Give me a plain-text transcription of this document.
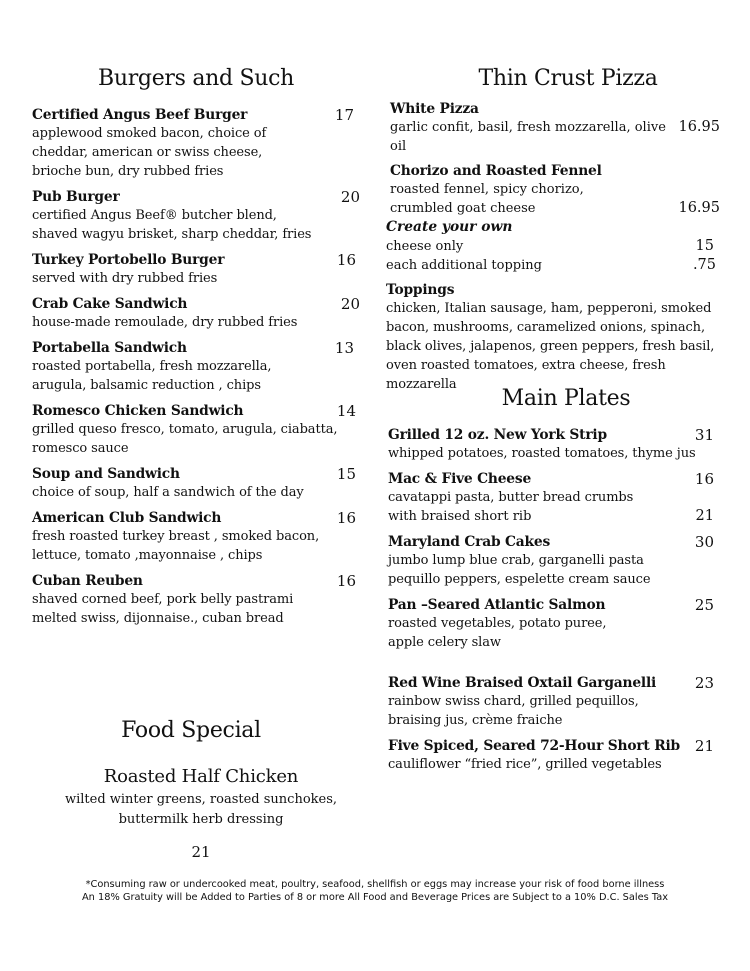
Burgers and Such
Certified Angus Beef Burger	17
applewood smoked bacon, choice of
cheddar, american or swiss cheese,
brioche bun, dry rubbed fries
Pub Burger	20
certified Angus Beef® butcher blend,
shaved wagyu brisket, sharp cheddar, fries
Turkey Portobello Burger	16
served with dry rubbed fries
Crab Cake Sandwich	20
house-made remoulade, dry rubbed fries
Portabella Sandwich	13
roasted portabella, fresh mozzarella,
arugula, balsamic reduction , chips
Romesco Chicken Sandwich	14
grilled queso fresco, tomato, arugula, ciabatta,
romesco sauce
Soup and Sandwich	15
choice of soup, half a sandwich of the day
American Club Sandwich	16
fresh roasted turkey breast , smoked bacon,
lettuce, tomato ,mayonnaise , chips
Cuban Reuben	16
shaved corned beef, pork belly pastrami
melted swiss, dijonnaise., cuban bread
Food Special
Roasted Half Chicken
wilted winter greens, roasted sunchokes,
buttermilk herb dressing
21
Thin Crust Pizza
White Pizza
garlic confit, basil, fresh mozzarella, olive oil
16.95
Chorizo and Roasted Fennel
roasted fennel, spicy chorizo,
crumbled goat cheese	16.95
Create your own
cheese only	15
each additional topping	.75
Toppings
chicken, Italian sausage, ham, pepperoni, smoked
bacon, mushrooms, caramelized onions, spinach,
black olives, jalapenos, green peppers, fresh basil,
oven roasted tomatoes, extra cheese, fresh mozzarella
Main Plates
Grilled 12 oz. New York Strip	31
whipped potatoes, roasted tomatoes, thyme jus
Mac & Five Cheese	16
cavatappi pasta, butter bread crumbs
with braised short rib	21
Maryland Crab Cakes	30
jumbo lump blue crab, garganelli pasta
pequillo peppers, espelette cream sauce
Pan –Seared Atlantic Salmon	25
roasted vegetables, potato puree,
apple celery slaw
Red Wine Braised Oxtail Garganelli	23
rainbow swiss chard, grilled pequillos,
braising jus, crème fraiche
Five Spiced, Seared 72-Hour Short Rib 21
cauliflower “fried rice”, grilled vegetables
*Consuming raw or undercooked meat, poultry, seafood, shellfish or eggs may increase your risk of food borne illness
An 18% Gratuity will be Added to Parties of 8 or more All Food and Beverage Prices are Subject to a 10% D.C. Sales Tax
